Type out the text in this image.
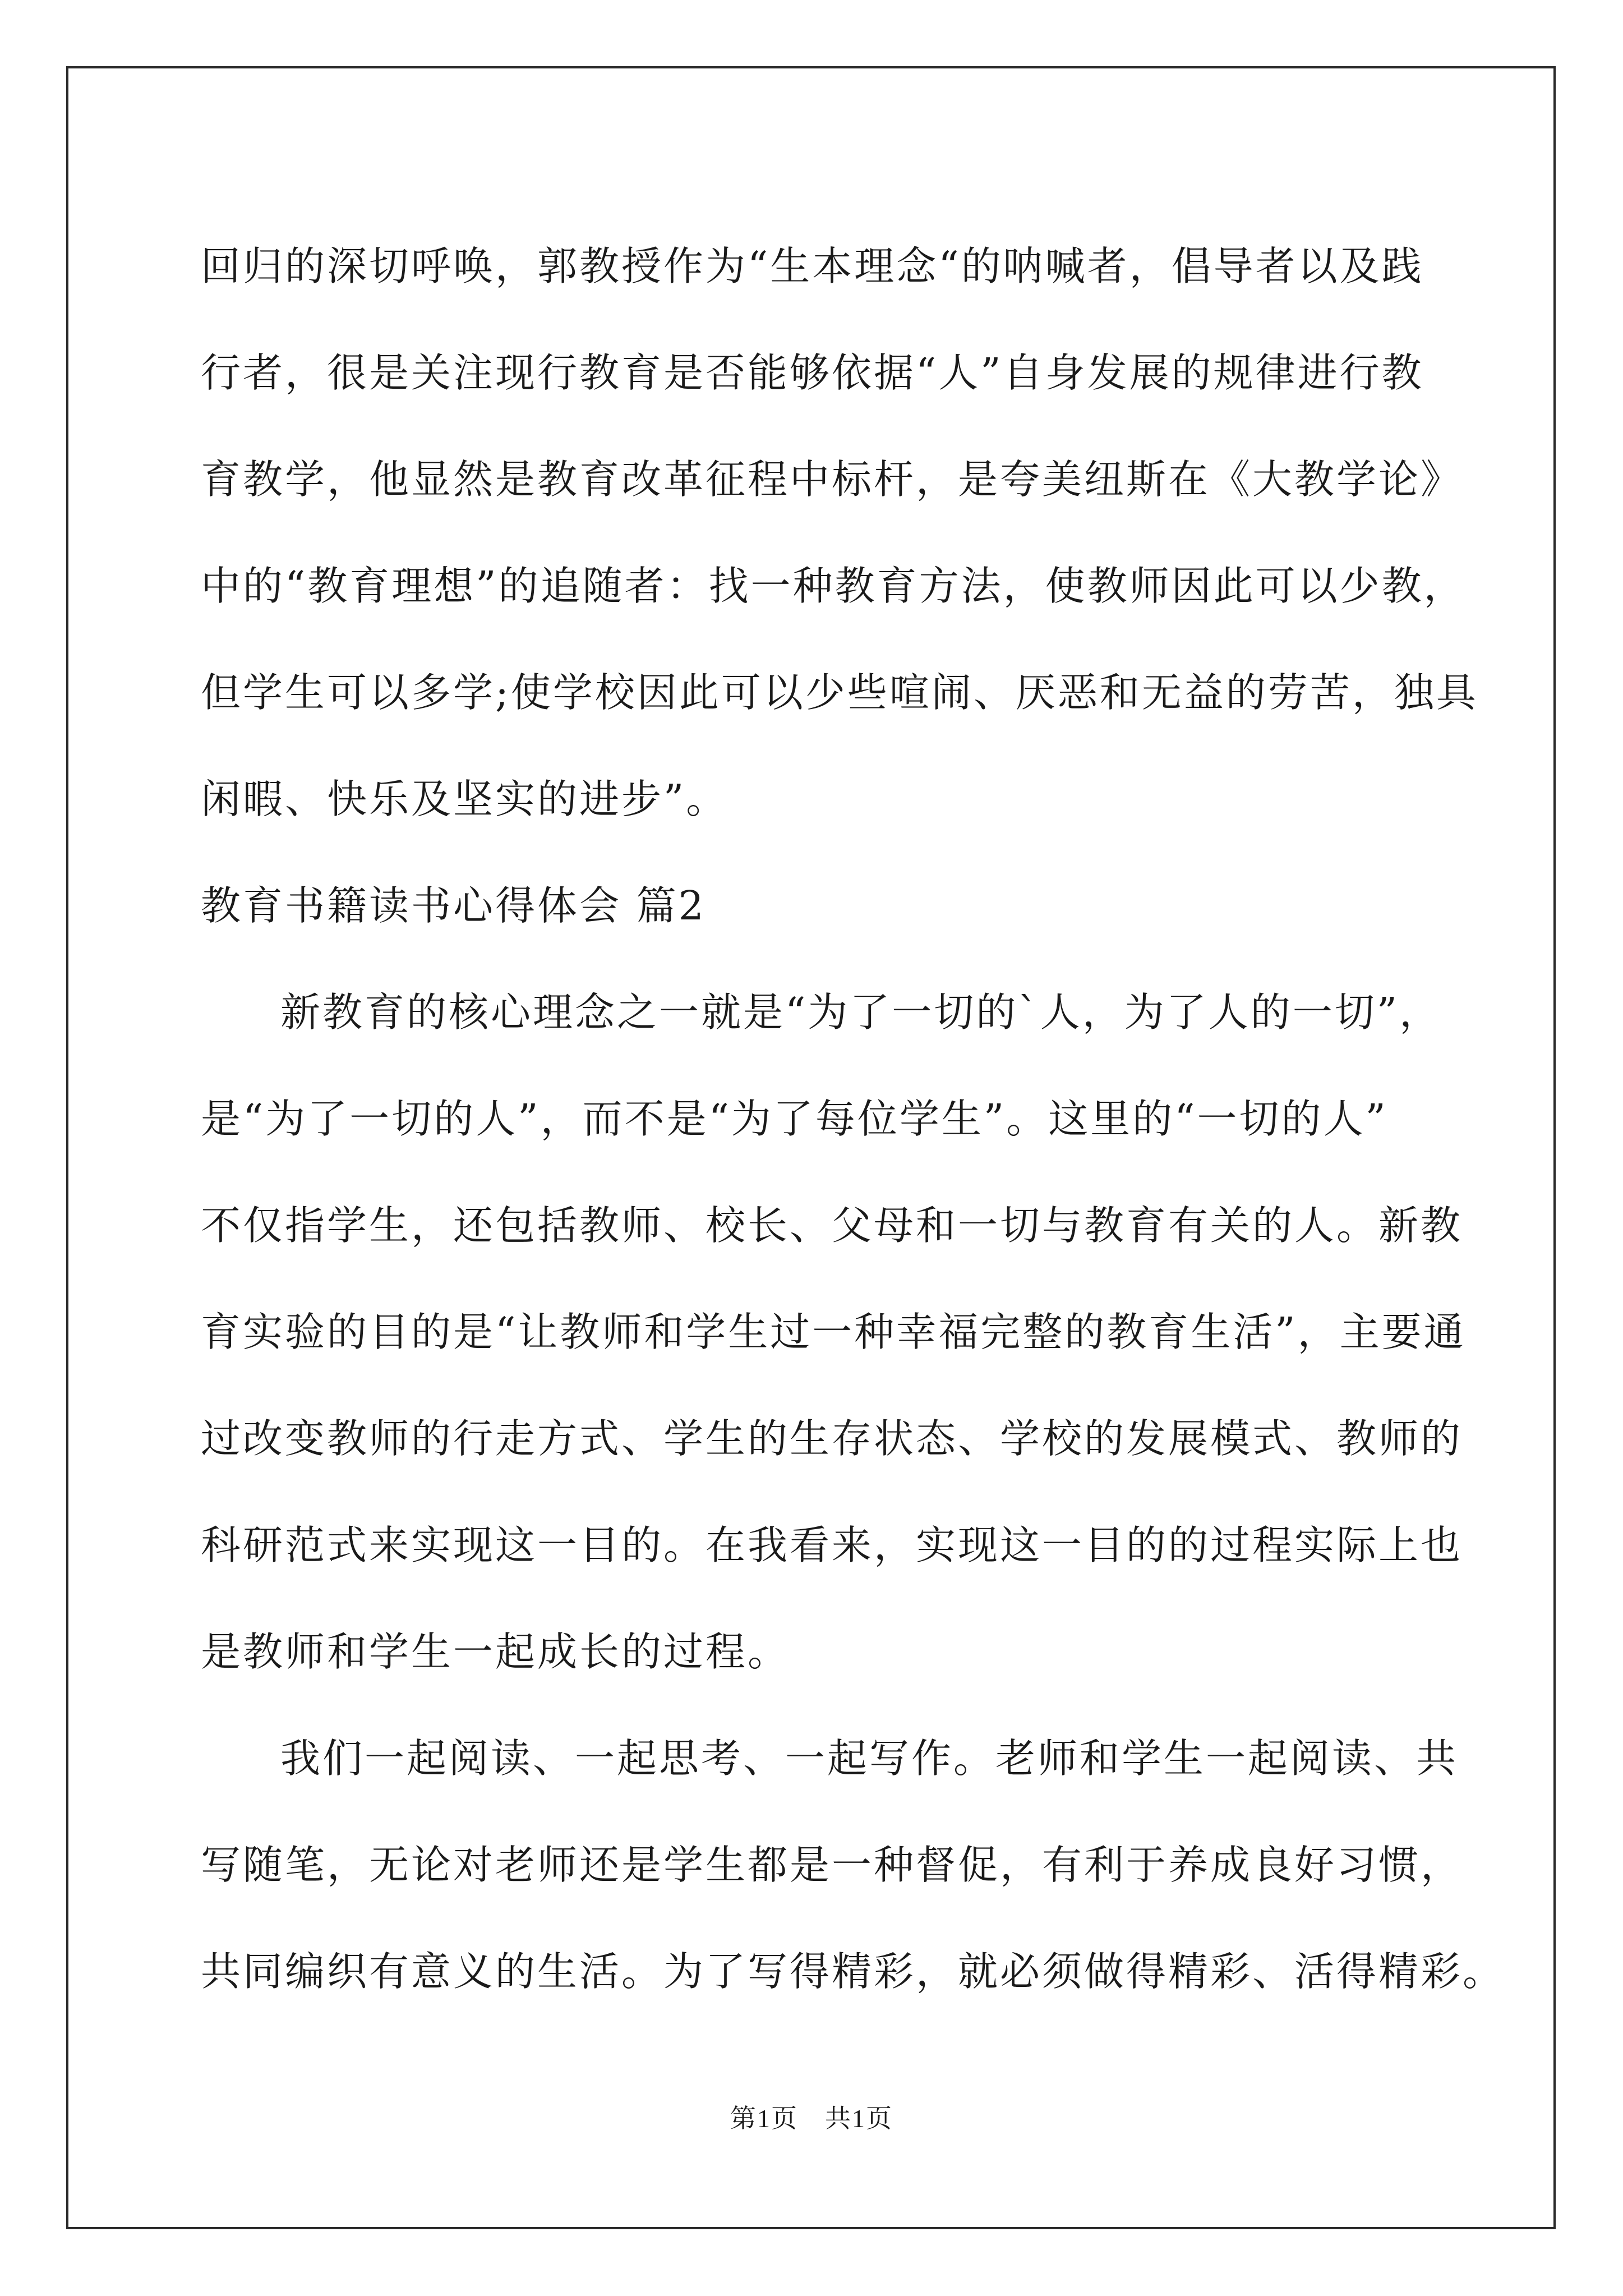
回归的深切呼唤，郭教授作为“生本理念“的呐喊者，倡导者以及践
行者，很是关注现行教育是否能够依据“人”自身发展的规律进行教
育教学，他显然是教育改革征程中标杆，是夸美纽斯在《大教学论》
中的“教育理想”的追随者：找一种教育方法，使教师因此可以少教，
但学生可以多学;使学校因此可以少些喧闹、厌恶和无益的劳苦，独具
闲暇、快乐及坚实的进步”。
教育书籍读书心得体会 篇2
新教育的核心理念之一就是“为了一切的`人，为了人的一切”，
是“为了一切的人”，而不是“为了每位学生”。这里的“一切的人”
不仅指学生，还包括教师、校长、父母和一切与教育有关的人。新教
育实验的目的是“让教师和学生过一种幸福完整的教育生活”，主要通
过改变教师的行走方式、学生的生存状态、学校的发展模式、教师的
科研范式来实现这一目的。在我看来，实现这一目的的过程实际上也
是教师和学生一起成长的过程。
我们一起阅读、一起思考、一起写作。老师和学生一起阅读、共
写随笔，无论对老师还是学生都是一种督促，有利于养成良好习惯，
共同编织有意义的生活。为了写得精彩，就必须做得精彩、活得精彩。
第1页　共1页
